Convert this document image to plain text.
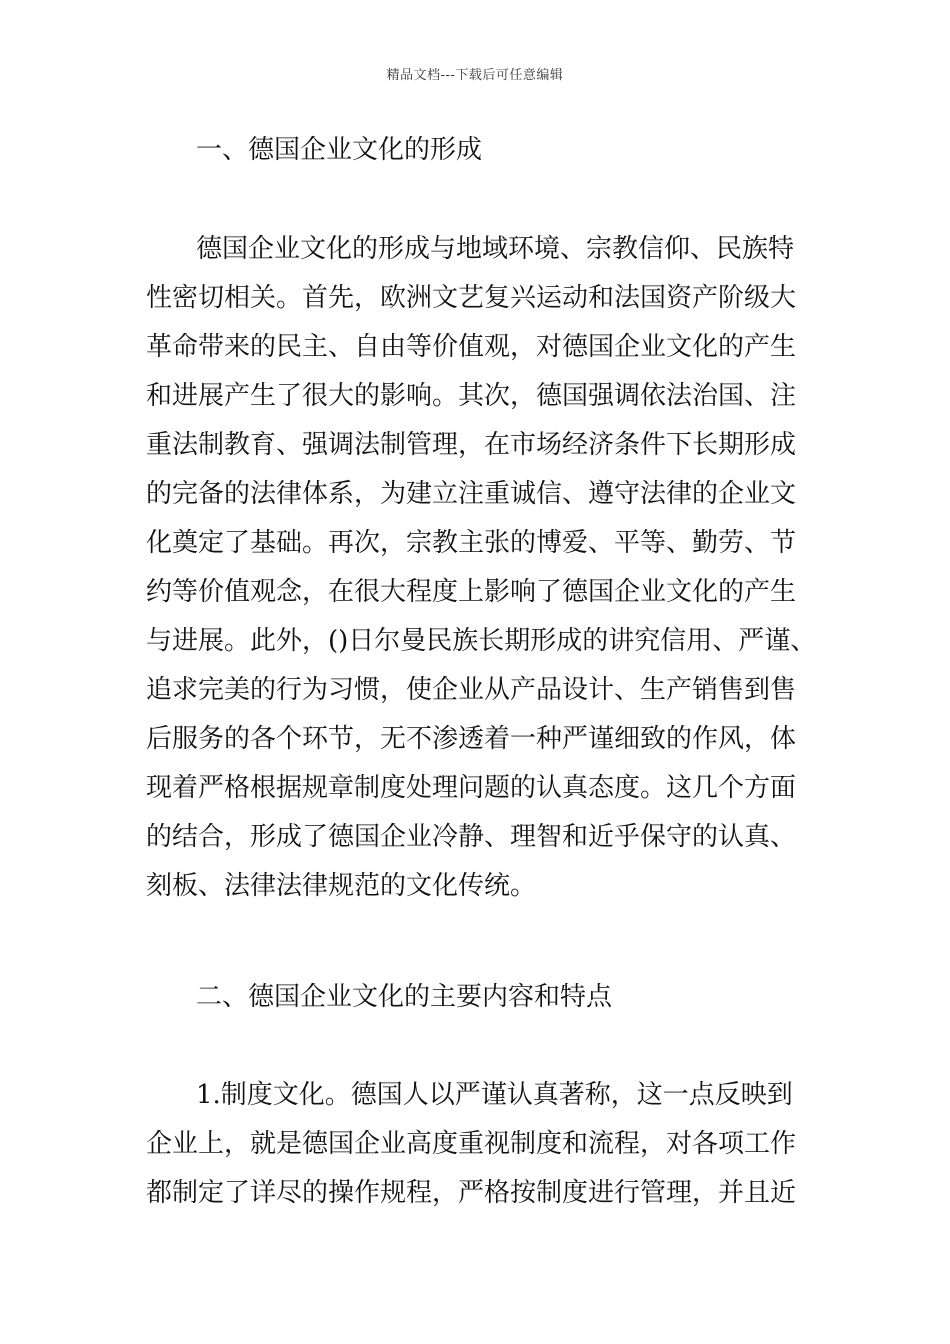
精品文档---下载后可任意编辑
一、德国企业文化的形成
德国企业文化的形成与地域环境、宗教信仰、民族特
性密切相关。首先，欧洲文艺复兴运动和法国资产阶级大
革命带来的民主、自由等价值观，对德国企业文化的产生
和进展产生了很大的影响。其次，德国强调依法治国、注
重法制教育、强调法制管理，在市场经济条件下长期形成
的完备的法律体系，为建立注重诚信、遵守法律的企业文
化奠定了基础。再次，宗教主张的博爱、平等、勤劳、节
约等价值观念，在很大程度上影响了德国企业文化的产生
与进展。此外，()日尔曼民族长期形成的讲究信用、严谨、
追求完美的行为习惯，使企业从产品设计、生产销售到售
后服务的各个环节，无不渗透着一种严谨细致的作风，体
现着严格根据规章制度处理问题的认真态度。这几个方面
的结合，形成了德国企业冷静、理智和近乎保守的认真、
刻板、法律法律规范的文化传统。
二、德国企业文化的主要内容和特点
1.制度文化。德国人以严谨认真著称，这一点反映到
企业上，就是德国企业高度重视制度和流程，对各项工作
都制定了详尽的操作规程，严格按制度进行管理，并且近
